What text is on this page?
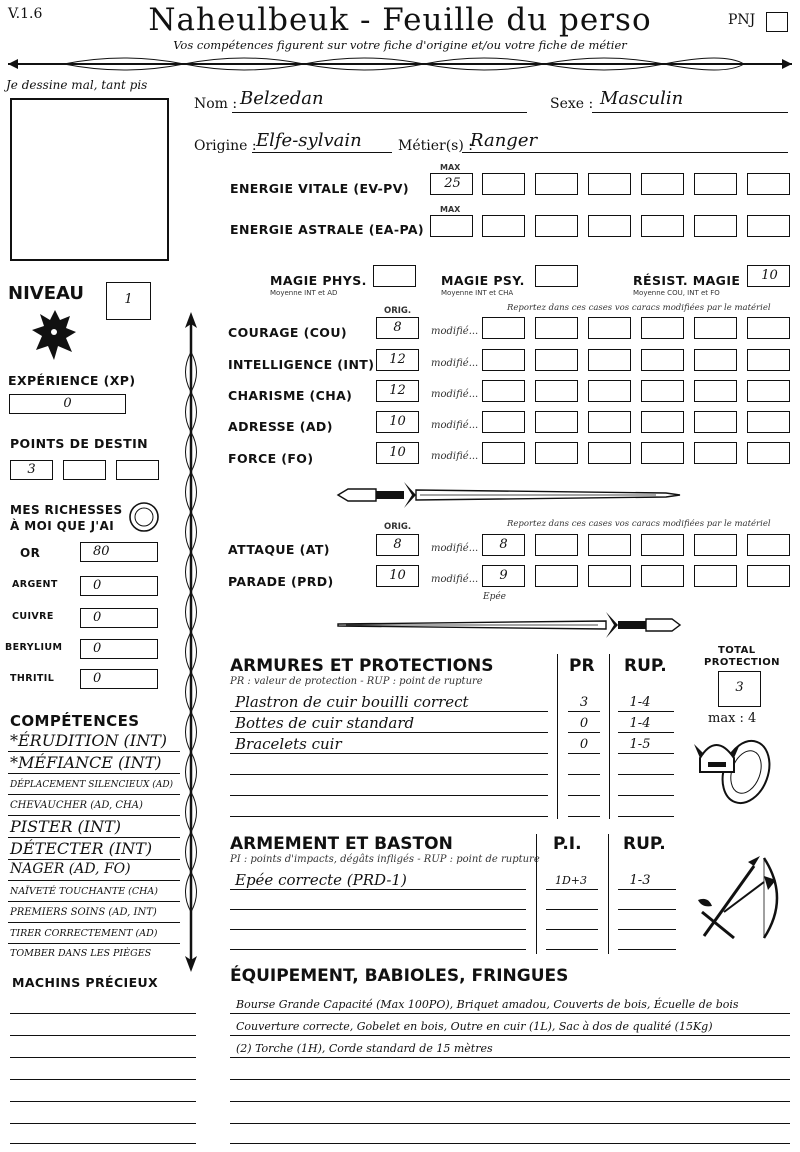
V.1.6	Naheulbeuk - Feuille du perso
Vos compétences figurent sur votre fiche d'origine et/ou votre fiche de métier
PNJ
Je dessine mal, tant pis
Nom : Belzedan	Sexe : Masculin
Origine : Elfe-sylvain	Métier(s) :
Ranger
MAX
ENERGIE VITALE (EV-PV)	25
MAX
ENERGIE ASTRALE (EA-PA)
MAGIE PHYS.
Moyenne INT et AD
MAGIE PSY.
Moyenne INT et CHA
RÉSIST. MAGIE
Moyenne COU, INT et FO
10
NIVEAU	1
EXPÉRIENCE (XP)
0
POINTS DE DESTIN
3
MES RICHESSES
À MOI QUE J'AI
OR	80
ARGENT	0
CUIVRE	0
BERYLIUM 0
THRITIL	0
COMPÉTENCES
*ÉRUDITION (INT)
*MÉFIANCE (INT)
DÉPLACEMENT SILENCIEUX (AD)
CHEVAUCHER (AD, CHA)
PISTER (INT)
DÉTECTER (INT)
NAGER (AD, FO)
NAÏVETÉ TOUCHANTE (CHA)
PREMIERS SOINS (AD, INT)
TIRER CORRECTEMENT (AD)
TOMBER DANS LES PIÈGES
MACHINS PRÉCIEUX
ORIG.	Reportez dans ces cases vos caracs modifiées par le matériel
COURAGE (COU)	8	modifié...
INTELLIGENCE (INT)	12	modifié...
CHARISME (CHA)	12	modifié...
ADRESSE (AD)	10	modifié...
FORCE (FO)	10	modifié...
ORIG.	Reportez dans ces cases vos caracs modifiées par le matériel
ATTAQUE (AT)	8	modifié...	8
PARADE (PRD)	10	modifié...	9
Epée
ARMURES ET PROTECTIONS
PR : valeur de protection - RUP : point de rupture
PR RUP.
Plastron de cuir bouilli correct	3	1-4
Bottes de cuir standard	0	1-4
Bracelets cuir	0	1-5
TOTAL
PROTECTION
3
max : 4
ARMEMENT ET BASTON
PI : points d'impacts, dégâts infligés - RUP : point de rupture
P.I. RUP.
Epée correcte (PRD-1)	1D+3	1-3
ÉQUIPEMENT, BABIOLES, FRINGUES
Bourse Grande Capacité (Max 100PO), Briquet amadou, Couverts de bois, Écuelle de bois
Couverture correcte, Gobelet en bois, Outre en cuir (1L), Sac à dos de qualité (15Kg)
(2) Torche (1H), Corde standard de 15 mètres
